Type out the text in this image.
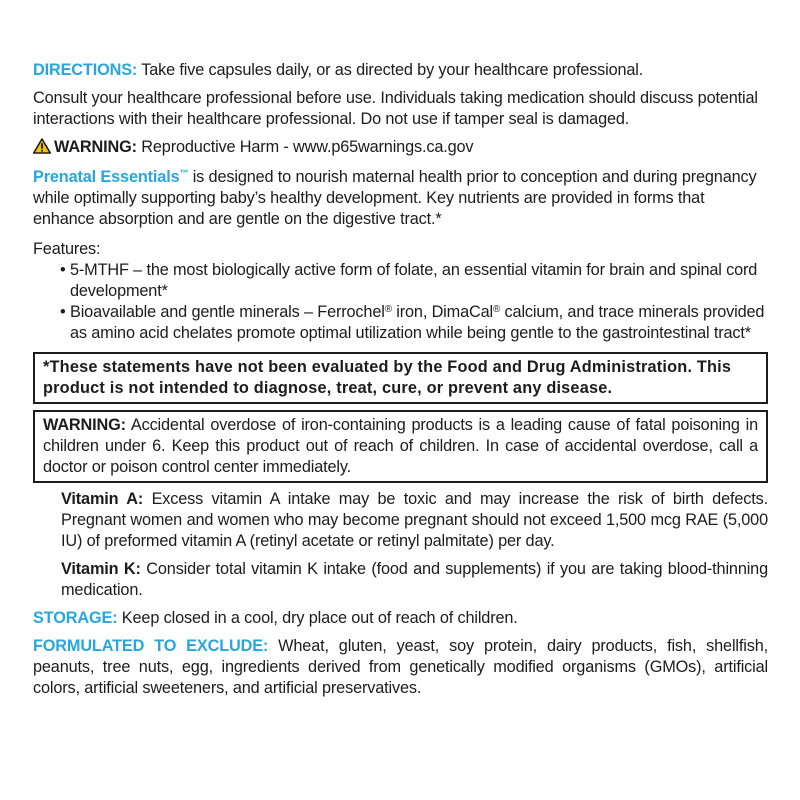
DIRECTIONS: Take five capsules daily, or as directed by your healthcare professional.

Consult your healthcare professional before use. Individuals taking medication should discuss potential interactions with their healthcare professional. Do not use if tamper seal is damaged.

WARNING: Reproductive Harm - www.p65warnings.ca.gov

Prenatal Essentials™ is designed to nourish maternal health prior to conception and during pregnancy while optimally supporting baby’s healthy development. Key nutrients are provided in forms that enhance absorption and are gentle on the digestive tract.*

Features:

• 5-MTHF – the most biologically active form of folate, an essential vitamin for brain and spinal cord development*
• Bioavailable and gentle minerals – Ferrochel® iron, DimaCal® calcium, and trace minerals provided as amino acid chelates promote optimal utilization while being gentle to the gastrointestinal tract*

*These statements have not been evaluated by the Food and Drug Administration. This product is not intended to diagnose, treat, cure, or prevent any disease.

WARNING: Accidental overdose of iron-containing products is a leading cause of fatal poisoning in children under 6. Keep this product out of reach of children. In case of accidental overdose, call a doctor or poison control center immediately.

Vitamin A: Excess vitamin A intake may be toxic and may increase the risk of birth defects. Pregnant women and women who may become pregnant should not exceed 1,500 mcg RAE (5,000 IU) of preformed vitamin A (retinyl acetate or retinyl palmitate) per day.

Vitamin K: Consider total vitamin K intake (food and supplements) if you are taking blood-thinning medication.

STORAGE: Keep closed in a cool, dry place out of reach of children.

FORMULATED TO EXCLUDE: Wheat, gluten, yeast, soy protein, dairy products, fish, shellfish, peanuts, tree nuts, egg, ingredients derived from genetically modified organisms (GMOs), artificial colors, artificial sweeteners, and artificial preservatives.
